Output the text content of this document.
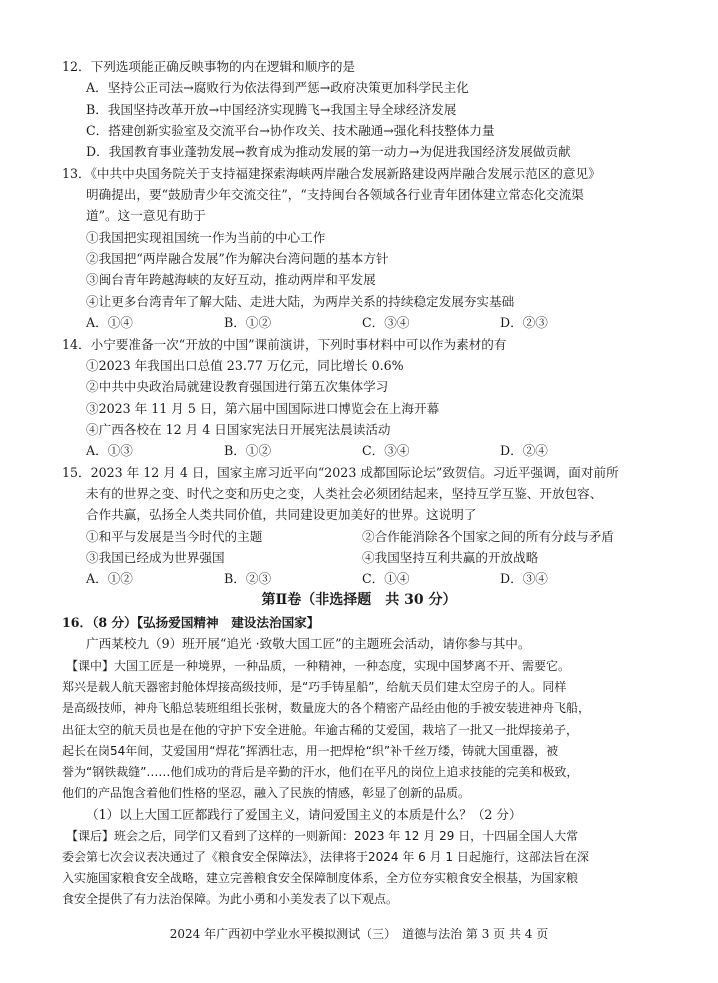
12．下列选项能正确反映事物的内在逻辑和顺序的是
A．坚持公正司法→腐败行为依法得到严惩→政府决策更加科学民主化
B．我国坚持改革开放→中国经济实现腾飞→我国主导全球经济发展
C．搭建创新实验室及交流平台→协作攻关、技术融通→强化科技整体力量
D．我国教育事业蓬勃发展→教育成为推动发展的第一动力→为促进我国经济发展做贡献
13．《中共中央国务院关于支持福建探索海峡两岸融合发展新路建设两岸融合发展示范区的意见》
明确提出，要“鼓励青少年交流交往”，“支持闽台各领域各行业青年团体建立常态化交流渠
道”。这一意见有助于
①我国把实现祖国统一作为当前的中心工作
②我国把“两岸融合发展”作为解决台湾问题的基本方针
③闽台青年跨越海峡的友好互动，推动两岸和平发展
④让更多台湾青年了解大陆、走进大陆，为两岸关系的持续稳定发展夯实基础
A．①④	B．①②	C．③④	D．②③
14．小宁要准备一次“开放的中国”课前演讲，下列时事材料中可以作为素材的有
①2023 年我国出口总值 23.77 万亿元，同比增长 0.6%
②中共中央政治局就建设教育强国进行第五次集体学习
③2023 年 11 月 5 日，第六届中国国际进口博览会在上海开幕
④广西各校在 12 月 4 日国家宪法日开展宪法晨读活动
A．①③	B．①②	C．③④	D．②④
15．2023 年 12 月 4 日，国家主席习近平向“2023 成都国际论坛”致贺信。习近平强调，面对前所
未有的世界之变、时代之变和历史之变，人类社会必须团结起来，坚持互学互鉴、开放包容、
合作共赢，弘扬全人类共同价值，共同建设更加美好的世界。这说明了
①和平与发展是当今时代的主题	②合作能消除各个国家之间的所有分歧与矛盾
③我国已经成为世界强国	④我国坚持互利共赢的开放战略
A．①②	B．②③	C．①④	D．③④
第Ⅱ卷（非选择题　共 30 分）
16．（8 分）【弘扬爱国精神　建设法治国家】
广西某校九（9）班开展“追光 ·致敬大国工匠”的主题班会活动，请你参与其中。
【课中】大国工匠是一种境界，一种品质，一种精神，一种态度，实现中国梦离不开、需要它。
郑兴是载人航天器密封舱体焊接高级技师，是“巧手铸星船”，给航天员们建太空房子的人。同样
是高级技师，神舟飞船总装班组组长张树，数量庞大的各个精密产品经由他的手被安装进神舟飞船，
出征太空的航天员也是在他的守护下安全进舱。年逾古稀的艾爱国，栽培了一批又一批焊接弟子，
起长在岗54年间，艾爱国用“焊花”挥洒壮志，用一把焊枪“织”补千丝万缕，铸就大国重器，被
誉为“钢铁裁缝”……他们成功的背后是辛勤的汗水，他们在平凡的岗位上追求技能的完美和极致，
他们的产品饱含着他们性格的坚忍，融入了民族的情感，彰显了创新的品质。
（1）以上大国工匠都践行了爱国主义，请问爱国主义的本质是什么？（2 分）
【课后】班会之后，同学们又看到了这样的一则新闻：2023 年 12 月 29 日，十四届全国人大常
委会第七次会议表决通过了《粮食安全保障法》，法律将于2024 年 6 月 1 日起施行，这部法旨在深
入实施国家粮食安全战略，建立完善粮食安全保障制度体系，全方位夯实粮食安全根基，为国家粮
食安全提供了有力法治保障。为此小勇和小美发表了以下观点。
2024 年广西初中学业水平模拟测试（三）　道德与法治 第 3 页 共 4 页
